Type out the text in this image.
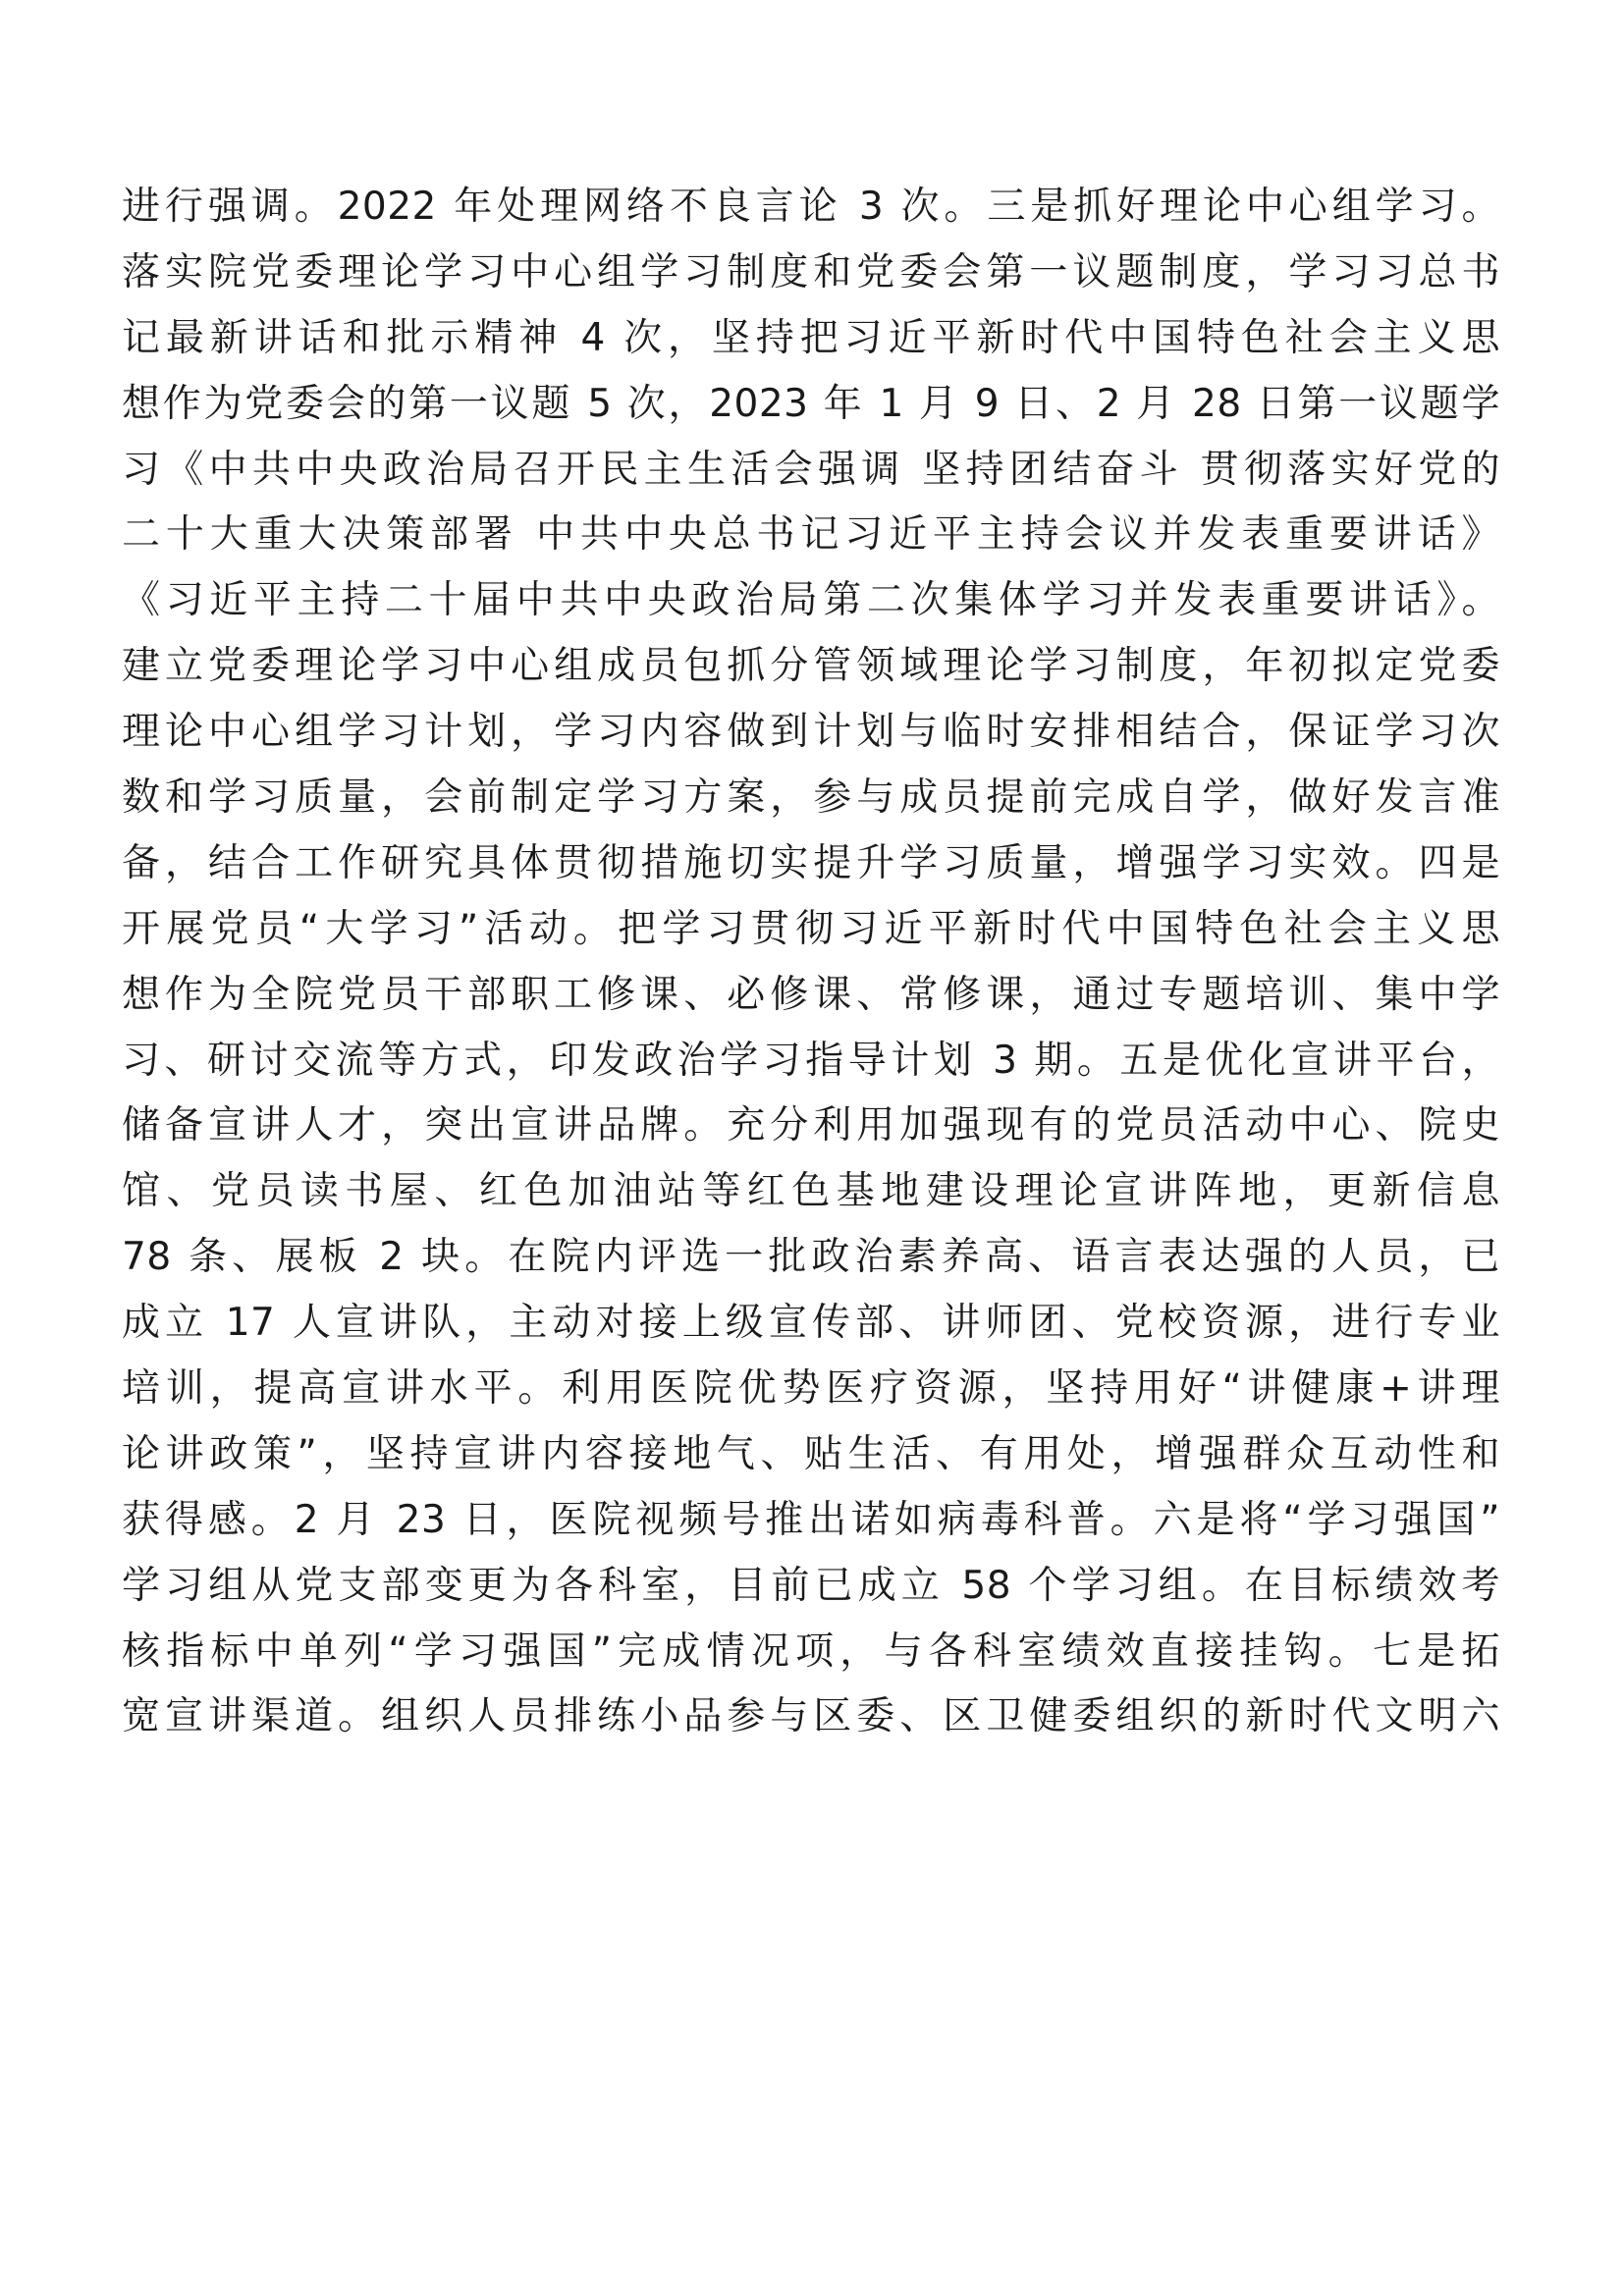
进行强调。2022 年处理网络不良言论 3 次。三是抓好理论中心组学习。
落实院党委理论学习中心组学习制度和党委会第一议题制度，学习习总书
记最新讲话和批示精神 4 次，坚持把习近平新时代中国特色社会主义思
想作为党委会的第一议题 5 次，2023 年 1 月 9 日、2 月 28 日第一议题学
习《中共中央政治局召开民主生活会强调 坚持团结奋斗 贯彻落实好党的
二十大重大决策部署 中共中央总书记习近平主持会议并发表重要讲话》
《习近平主持二十届中共中央政治局第二次集体学习并发表重要讲话》。
建立党委理论学习中心组成员包抓分管领域理论学习制度，年初拟定党委
理论中心组学习计划，学习内容做到计划与临时安排相结合，保证学习次
数和学习质量，会前制定学习方案，参与成员提前完成自学，做好发言准
备，结合工作研究具体贯彻措施切实提升学习质量，增强学习实效。四是
开展党员“大学习”活动。把学习贯彻习近平新时代中国特色社会主义思
想作为全院党员干部职工修课、必修课、常修课，通过专题培训、集中学
习、研讨交流等方式，印发政治学习指导计划 3 期。五是优化宣讲平台，
储备宣讲人才，突出宣讲品牌。充分利用加强现有的党员活动中心、院史
馆、党员读书屋、红色加油站等红色基地建设理论宣讲阵地，更新信息
78 条、展板 2 块。在院内评选一批政治素养高、语言表达强的人员，已
成立 17 人宣讲队，主动对接上级宣传部、讲师团、党校资源，进行专业
培训，提高宣讲水平。利用医院优势医疗资源，坚持用好“讲健康+讲理
论讲政策”，坚持宣讲内容接地气、贴生活、有用处，增强群众互动性和
获得感。2 月 23 日，医院视频号推出诺如病毒科普。六是将“学习强国”
学习组从党支部变更为各科室，目前已成立 58 个学习组。在目标绩效考
核指标中单列“学习强国”完成情况项，与各科室绩效直接挂钩。七是拓
宽宣讲渠道。组织人员排练小品参与区委、区卫健委组织的新时代文明六
